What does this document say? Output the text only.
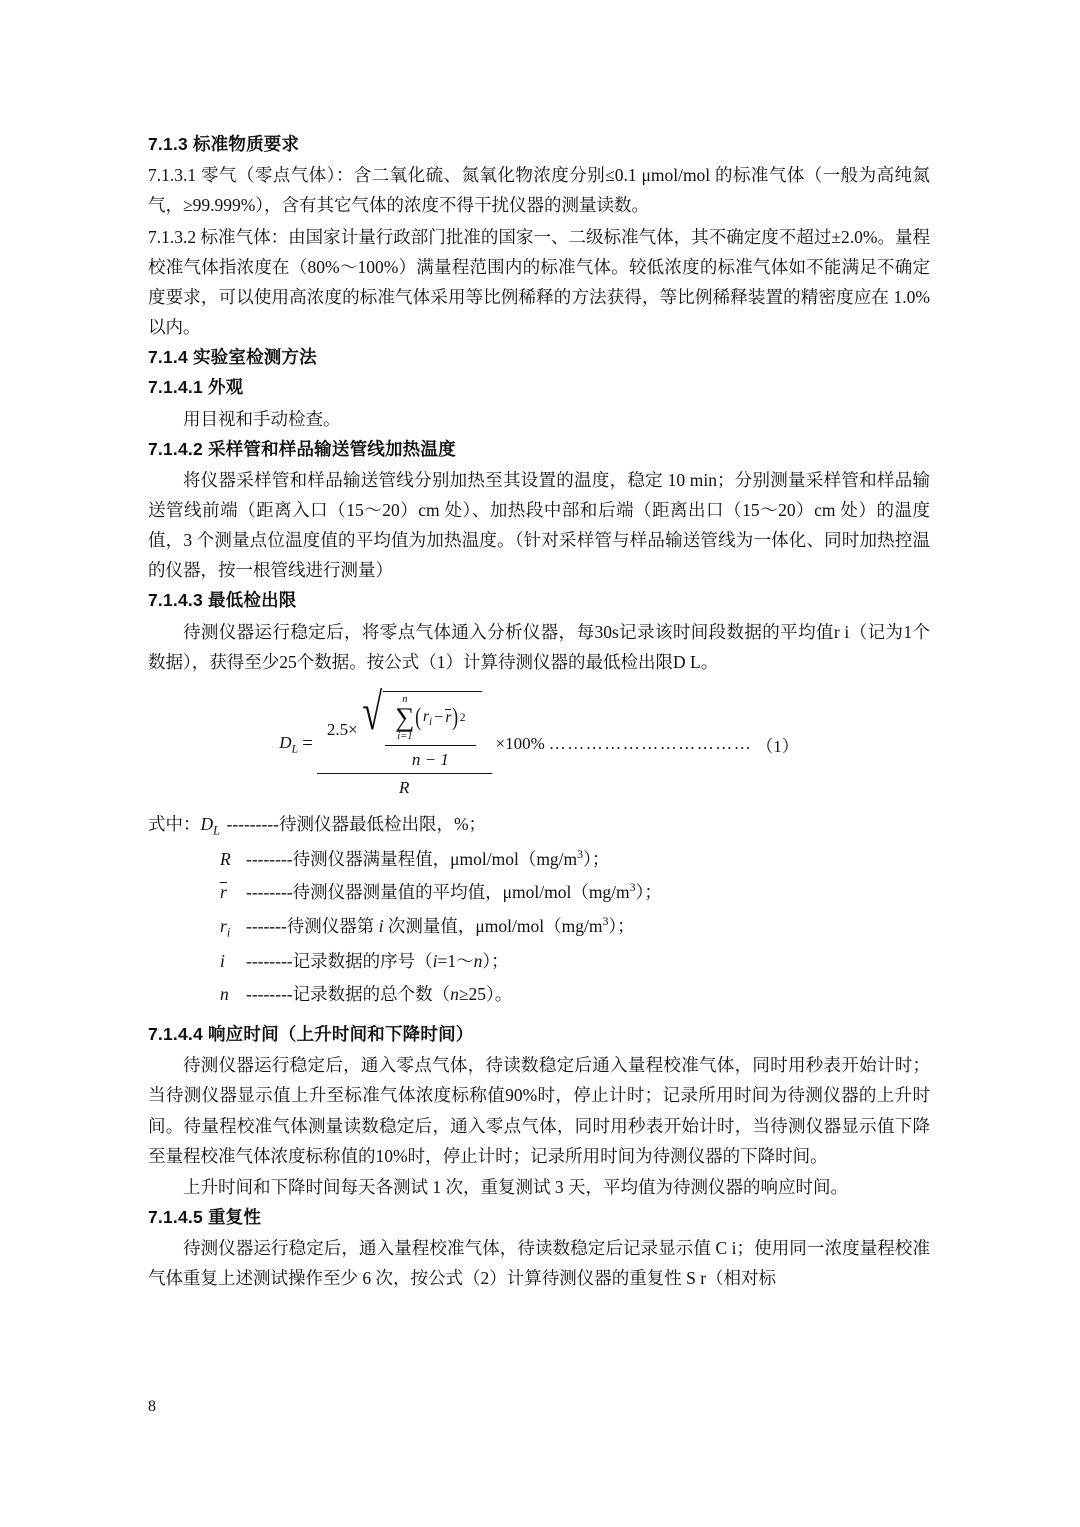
7.1.3 标准物质要求

7.1.3.1 零气（零点气体）：含二氧化硫、氮氧化物浓度分别≤0.1 μmol/mol 的标准气体（一般为高纯氮气，≥99.999%），含有其它气体的浓度不得干扰仪器的测量读数。

7.1.3.2 标准气体：由国家计量行政部门批准的国家一、二级标准气体，其不确定度不超过±2.0%。量程校准气体指浓度在（80%～100%）满量程范围内的标准气体。较低浓度的标准气体如不能满足不确定度要求，可以使用高浓度的标准气体采用等比例稀释的方法获得，等比例稀释装置的精密度应在 1.0%以内。

7.1.4 实验室检测方法
7.1.4.1 外观

用目视和手动检查。

7.1.4.2 采样管和样品输送管线加热温度

将仪器采样管和样品输送管线分别加热至其设置的温度，稳定 10 min；分别测量采样管和样品输送管线前端（距离入口（15～20）cm 处）、加热段中部和后端（距离出口（15～20）cm 处）的温度值，3 个测量点位温度值的平均值为加热温度。（针对采样管与样品输送管线为一体化、同时加热控温的仪器，按一根管线进行测量）

7.1.4.3 最低检出限

待测仪器运行稳定后，将零点气体通入分析仪器，每30s记录该时间段数据的平均值r i（记为1个数据），获得至少25个数据。按公式（1）计算待测仪器的最低检出限D L。

$D_L$ =
2.5× √ n
∑
i=1
( $r_i - r$ ) 2
n − 1
R
×100% …………………………… （1）

式中：$D_L$ ---------待测仪器最低检出限，%；

R --------待测仪器满量程值，μmol/$mol(mg/m^3)$；

r --------待测仪器测量值的平均值，μmol/$mol(mg/m^3)$；

$r_i$ -------待测仪器第 i 次测量值，μmol/$mol(mg/m^3)$；

i --------记录数据的序号（i=1～n）；

n --------记录数据的总个数（n≥25）。

7.1.4.4 响应时间（上升时间和下降时间）

待测仪器运行稳定后，通入零点气体，待读数稳定后通入量程校准气体，同时用秒表开始计时；当待测仪器显示值上升至标准气体浓度标称值90%时，停止计时；记录所用时间为待测仪器的上升时间。待量程校准气体测量读数稳定后，通入零点气体，同时用秒表开始计时，当待测仪器显示值下降至量程校准气体浓度标称值的10%时，停止计时；记录所用时间为待测仪器的下降时间。

上升时间和下降时间每天各测试 1 次，重复测试 3 天，平均值为待测仪器的响应时间。

7.1.4.5 重复性

待测仪器运行稳定后，通入量程校准气体，待读数稳定后记录显示值 C i；使用同一浓度量程校准气体重复上述测试操作至少 6 次，按公式（2）计算待测仪器的重复性 S r（相对标

8
